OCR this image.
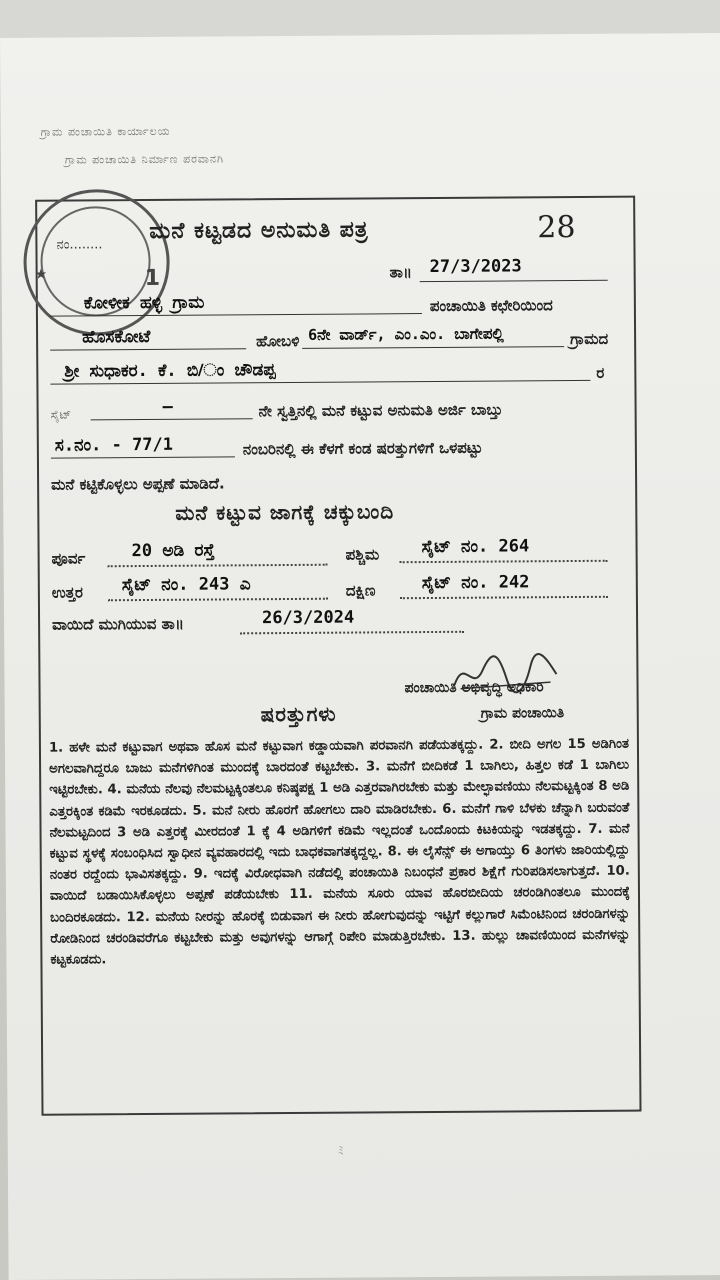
ಗ್ರಾಮ ಪಂಚಾಯಿತಿ ಕಾರ್ಯಾಲಯ
ಗ್ರಾಮ ಪಂಚಾಯಿತಿ ನಿರ್ಮಾಣ ಪರವಾನಗಿ
ನಂ........
★	1
ಮನೆ ಕಟ್ಟಡದ ಅನುಮತಿ ಪತ್ರ	28
ತಾ॥ 27/3/2023
ಕೋಳೀಕ ಹಳ್ಳಿ ಗ್ರಾಮ	ಪಂಚಾಯಿತಿ ಕಛೇರಿಯಿಂದ
ಹೊಸಕೋಟೆ	ಹೋಬಳಿ 6ನೇ ವಾರ್ಡ್, ಎಂ.ಎಂ. ಬಾಗೇಪಲ್ಲಿ	ಗ್ರಾಮದ
ಶ್ರೀ ಸುಧಾಕರ. ಕೆ. ಬಿ/ಂ ಚೌಡಪ್ಪ	ರ
ಸೈಟ್	—	ನೇ ಸ್ವತ್ತಿನಲ್ಲಿ ಮನೆ ಕಟ್ಟುವ ಅನುಮತಿ ಅರ್ಜಿ ಬಾಬ್ತು
ಸ.ನಂ. - 77/1	ನಂಬರಿನಲ್ಲಿ ಈ ಕೆಳಗೆ ಕಂಡ ಷರತ್ತುಗಳಿಗೆ ಒಳಪಟ್ಟು
ಮನೆ ಕಟ್ಟಿಕೊಳ್ಳಲು ಅಪ್ಪಣೆ ಮಾಡಿದೆ.
ಮನೆ ಕಟ್ಟುವ ಜಾಗಕ್ಕೆ ಚಕ್ಕುಬಂದಿ
ಪೂರ್ವ	20 ಅಡಿ ರಸ್ತೆ	ಪಶ್ಚಿಮ ಸೈಟ್ ನಂ. 264
ಉತ್ತರ ಸೈಟ್ ನಂ. 243 ಎ	ದಕ್ಷಿಣ	ಸೈಟ್ ನಂ. 242
ವಾಯಿದೆ ಮುಗಿಯುವ ತಾ॥	26/3/2024
ಪಂಚಾಯಿತಿ ಅಭಿವೃದ್ಧಿ ಅಧಿಕಾರಿ
ಷರತ್ತುಗಳು	ಗ್ರಾಮ ಪಂಚಾಯಿತಿ
1. ಹಳೇ ಮನೆ ಕಟ್ಟುವಾಗ ಅಥವಾ ಹೊಸ ಮನೆ ಕಟ್ಟುವಾಗ ಕಡ್ಡಾಯವಾಗಿ ಪರವಾನಗಿ ಪಡೆಯತಕ್ಕದ್ದು. 2. ಬೀದಿ ಅಗಲ 15 ಅಡಿಗಿಂತ ಅಗಲವಾಗಿದ್ದರೂ ಬಾಜು ಮನೆಗಳಿಗಿಂತ ಮುಂದಕ್ಕೆ ಬಾರದಂತೆ ಕಟ್ಟಬೇಕು. 3. ಮನೆಗೆ ಬೀದಿಕಡೆ 1 ಬಾಗಿಲು, ಹಿತ್ತಲ ಕಡೆ 1 ಬಾಗಿಲು ಇಟ್ಟಿರಬೇಕು. 4. ಮನೆಯ ನೆಲವು ನೆಲಮಟ್ಟಕ್ಕಿಂತಲೂ ಕನಿಷ್ಠಪಕ್ಷ 1 ಅಡಿ ಎತ್ತರವಾಗಿರಬೇಕು ಮತ್ತು ಮೇಲ್ಛಾವಣಿಯು ನೆಲಮಟ್ಟಕ್ಕಿಂತ 8 ಅಡಿ ಎತ್ತರಕ್ಕಿಂತ ಕಡಿಮೆ ಇರಕೂಡದು. 5. ಮನೆ ನೀರು ಹೊರಗೆ ಹೋಗಲು ದಾರಿ ಮಾಡಿರಬೇಕು. 6. ಮನೆಗೆ ಗಾಳಿ ಬೆಳಕು ಚೆನ್ನಾಗಿ ಬರುವಂತೆ ನೆಲಮಟ್ಟದಿಂದ 3 ಅಡಿ ಎತ್ತರಕ್ಕೆ ಮೀರದಂತೆ 1 ಕ್ಕೆ 4 ಅಡಿಗಳಿಗೆ ಕಡಿಮೆ ಇಲ್ಲದಂತೆ ಒಂದೊಂದು ಕಿಟಕಿಯನ್ನು ಇಡತಕ್ಕದ್ದು. 7. ಮನೆ ಕಟ್ಟುವ ಸ್ಥಳಕ್ಕೆ ಸಂಬಂಧಿಸಿದ ಸ್ವಾಧೀನ ವ್ಯವಹಾರದಲ್ಲಿ ಇದು ಬಾಧಕವಾಗತಕ್ಕದ್ದಲ್ಲ. 8. ಈ ಲೈಸೆನ್ಸ್ ಈ ಅಗಾಯ್ತು 6 ತಿಂಗಳು ಜಾರಿಯಲ್ಲಿದ್ದು ನಂತರ ರದ್ದೆಂದು ಭಾವಿಸತಕ್ಕದ್ದು. 9. ಇದಕ್ಕೆ ವಿರೋಧವಾಗಿ ನಡೆದಲ್ಲಿ ಪಂಚಾಯಿತಿ ನಿಬಂಧನೆ ಪ್ರಕಾರ ಶಿಕ್ಷೆಗೆ ಗುರಿಪಡಿಸಲಾಗುತ್ತದೆ. 10. ವಾಯಿದೆ ಬಡಾಯಿಸಿಕೊಳ್ಳಲು ಅಪ್ಪಣೆ ಪಡೆಯಬೇಕು 11. ಮನೆಯ ಸೂರು ಯಾವ ಹೊರಬೀದಿಯ ಚರಂಡಿಗಿಂತಲೂ ಮುಂದಕ್ಕೆ ಬಂದಿರಕೂಡದು. 12. ಮನೆಯ ನೀರನ್ನು ಹೊರಕ್ಕೆ ಬಿಡುವಾಗ ಈ ನೀರು ಹೋಗುವುದನ್ನು ಇಟ್ಟಿಗೆ ಕಲ್ಲುಗಾರೆ ಸಿಮೆಂಟಿನಿಂದ ಚರಂಡಿಗಳನ್ನು ರೋಡಿನಿಂದ ಚರಂಡಿವರೆಗೂ ಕಟ್ಟಬೇಕು ಮತ್ತು ಅವುಗಳನ್ನು ಆಗಾಗ್ಗೆ ರಿಪೇರಿ ಮಾಡುತ್ತಿರಬೇಕು. 13. ಹುಲ್ಲು ಚಾವಣಿಯಿಂದ ಮನೆಗಳನ್ನು ಕಟ್ಟಕೂಡದು.
ﾐ
